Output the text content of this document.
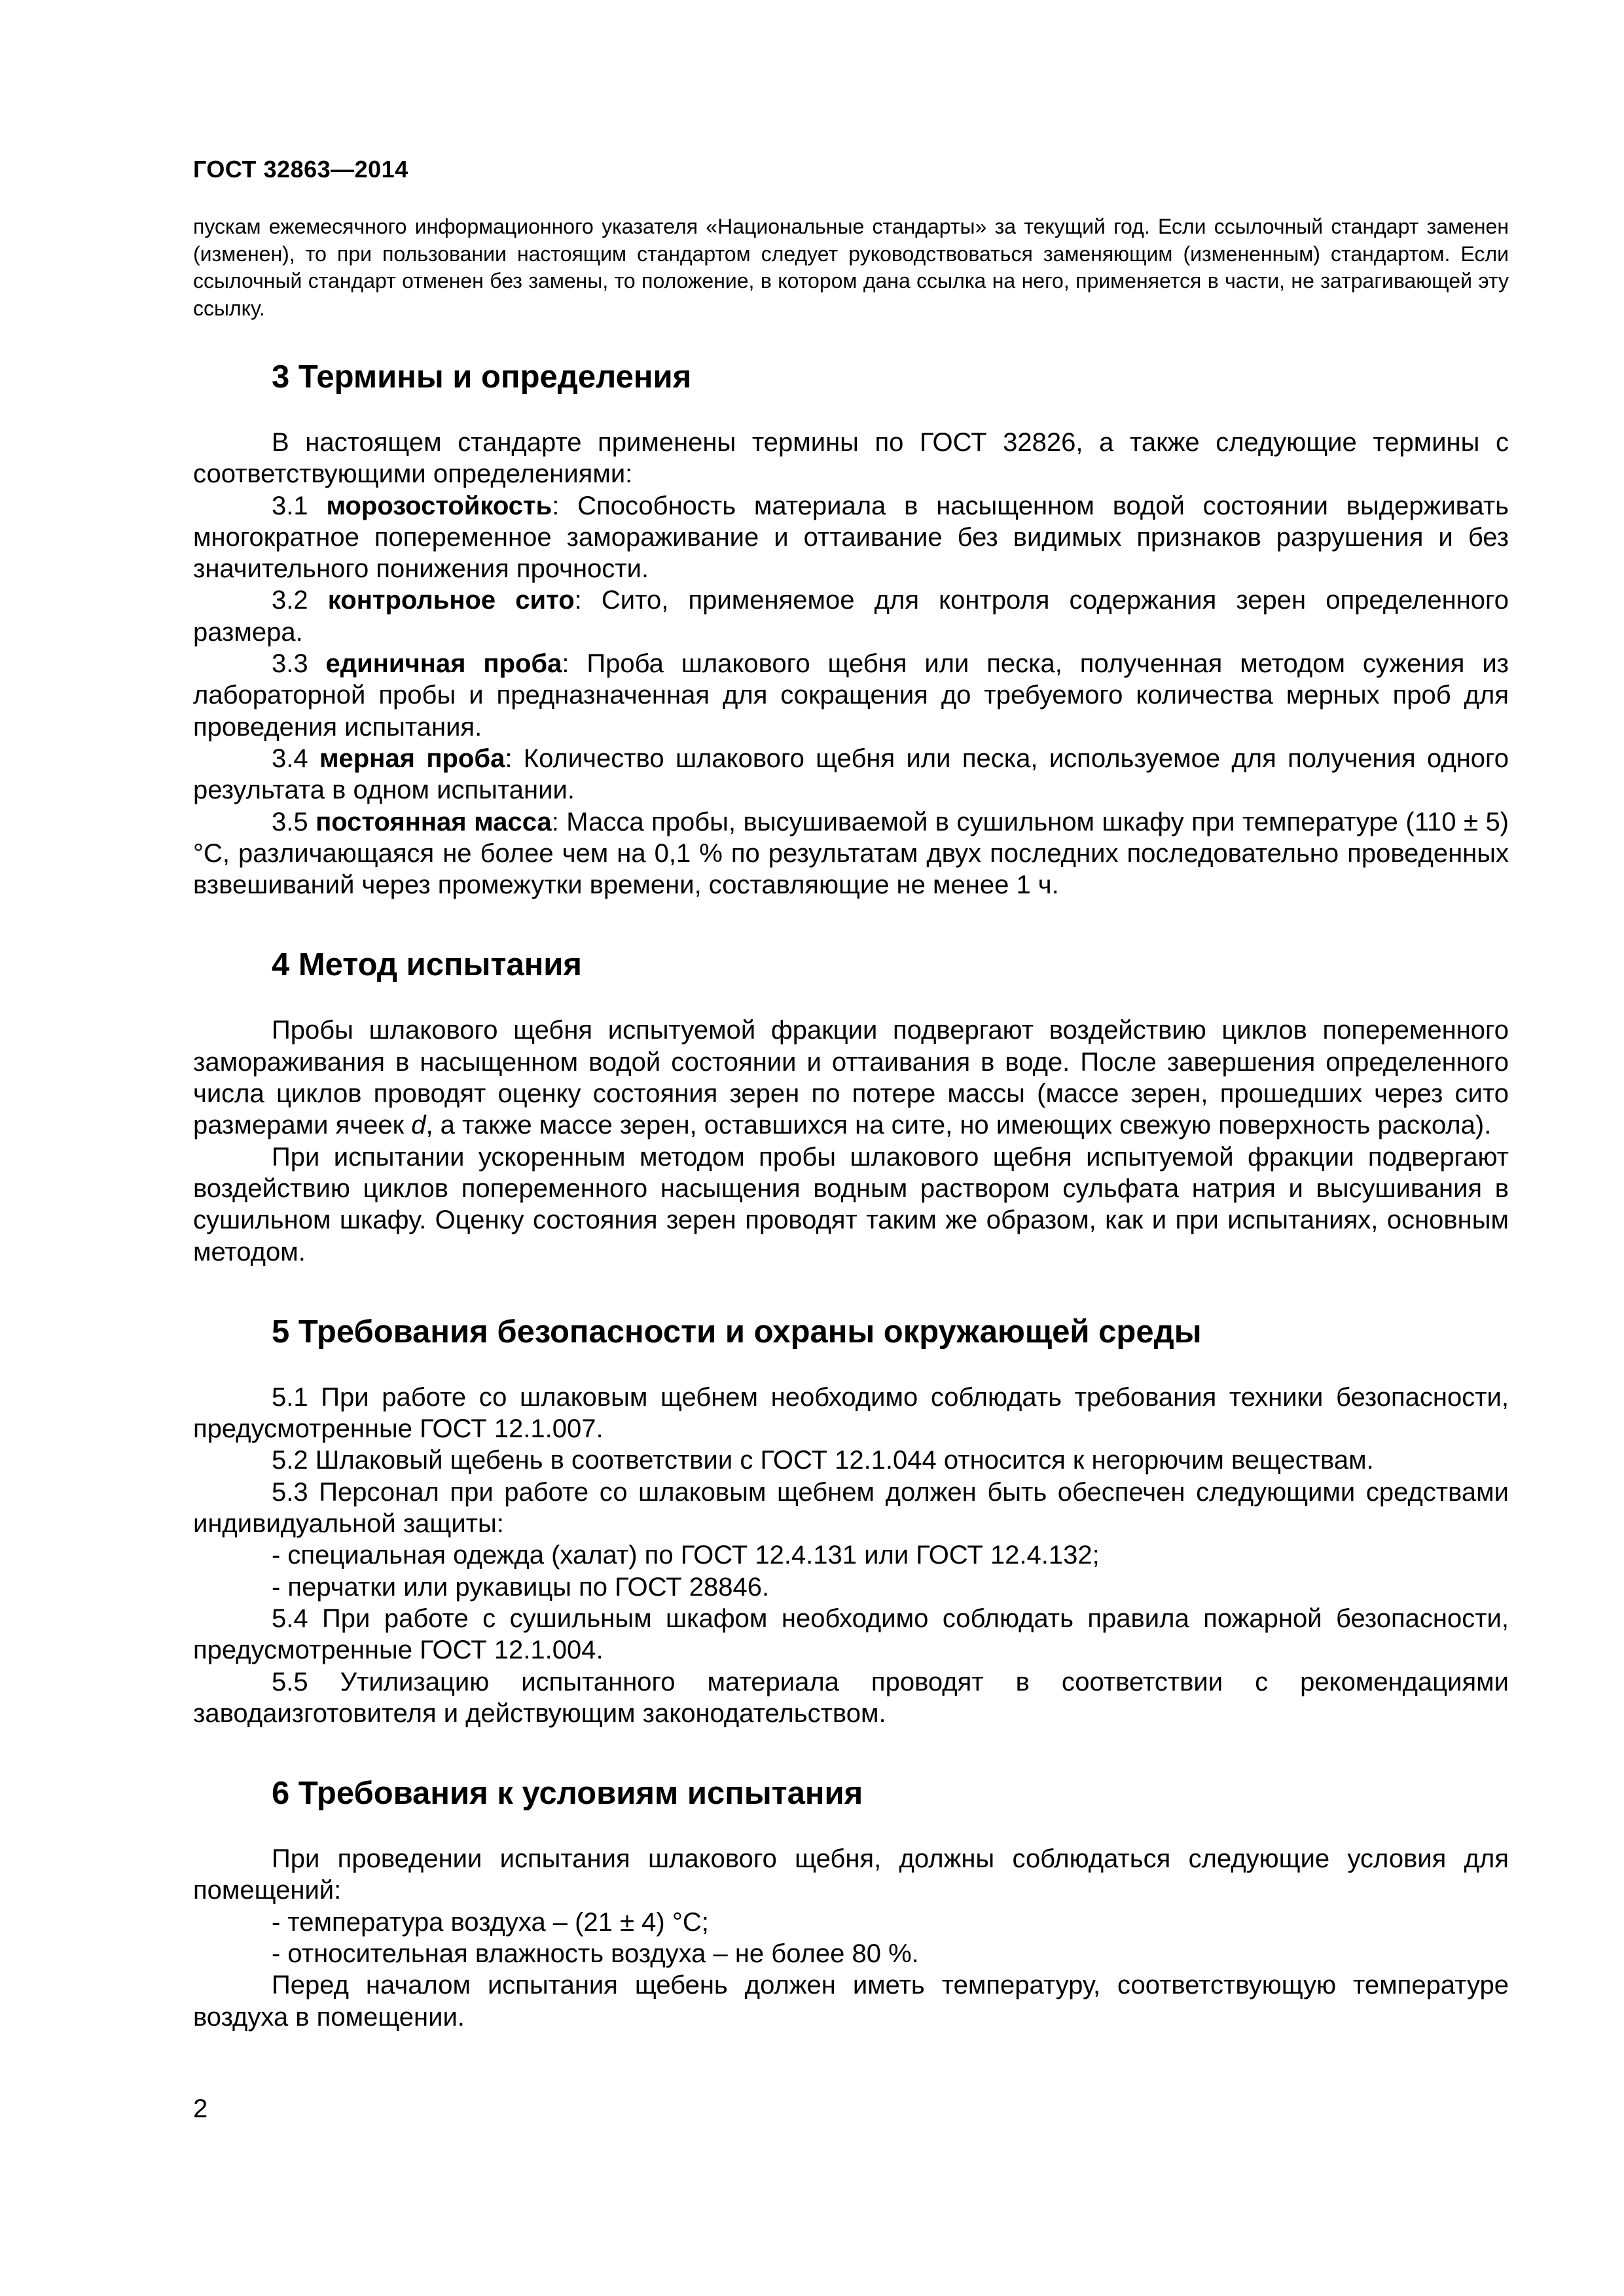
ГОСТ 32863—2014
пускам ежемесячного информационного указателя «Национальные стандарты» за текущий год. Если ссылочный стандарт заменен (изменен), то при пользовании настоящим стандартом следует руководствоваться заменяющим (измененным) стандартом. Если ссылочный стандарт отменен без замены, то положение, в котором дана ссылка на него, применяется в части, не затрагивающей эту ссылку.
3 Термины и определения

В настоящем стандарте применены термины по ГОСТ 32826, а также следующие термины с соответствующими определениями:

3.1 морозостойкость: Способность материала в насыщенном водой состоянии выдерживать многократное попеременное замораживание и оттаивание без видимых признаков разрушения и без значительного понижения прочности.

3.2 контрольное сито: Сито, применяемое для контроля содержания зерен определенного размера.

3.3 единичная проба: Проба шлакового щебня или песка, полученная методом сужения из лабораторной пробы и предназначенная для сокращения до требуемого количества мерных проб для проведения испытания.

3.4 мерная проба: Количество шлакового щебня или песка, используемое для получения одного результата в одном испытании.

3.5 постоянная масса: Масса пробы, высушиваемой в сушильном шкафу при температуре (110 ± 5) °С, различающаяся не более чем на 0,1 % по результатам двух последних последовательно проведенных взвешиваний через промежутки времени, составляющие не менее 1 ч.

4 Метод испытания

Пробы шлакового щебня испытуемой фракции подвергают воздействию циклов попеременного замораживания в насыщенном водой состоянии и оттаивания в воде. После завершения определенного числа циклов проводят оценку состояния зерен по потере массы (массе зерен, прошедших через сито размерами ячеек d, а также массе зерен, оставшихся на сите, но имеющих свежую поверхность раскола).

При испытании ускоренным методом пробы шлакового щебня испытуемой фракции подвергают воздействию циклов попеременного насыщения водным раствором сульфата натрия и высушивания в сушильном шкафу. Оценку состояния зерен проводят таким же образом, как и при испытаниях, основным методом.

5 Требования безопасности и охраны окружающей среды

5.1 При работе со шлаковым щебнем необходимо соблюдать требования техники безопасности, предусмотренные ГОСТ 12.1.007.

5.2 Шлаковый щебень в соответствии с ГОСТ 12.1.044 относится к негорючим веществам.

5.3 Персонал при работе со шлаковым щебнем должен быть обеспечен следующими средствами индивидуальной защиты:

- специальная одежда (халат) по ГОСТ 12.4.131 или ГОСТ 12.4.132;

- перчатки или рукавицы по ГОСТ 28846.

5.4 При работе с сушильным шкафом необходимо соблюдать правила пожарной безопасности, предусмотренные ГОСТ 12.1.004.

5.5 Утилизацию испытанного материала проводят в соответствии с рекомендациями заводаизготовителя и действующим законодательством.

6 Требования к условиям испытания

При проведении испытания шлакового щебня, должны соблюдаться следующие условия для помещений:

- температура воздуха – (21 ± 4) °С;

- относительная влажность воздуха – не более 80 %.

Перед началом испытания щебень должен иметь температуру, соответствующую температуре воздуха в помещении.

2
